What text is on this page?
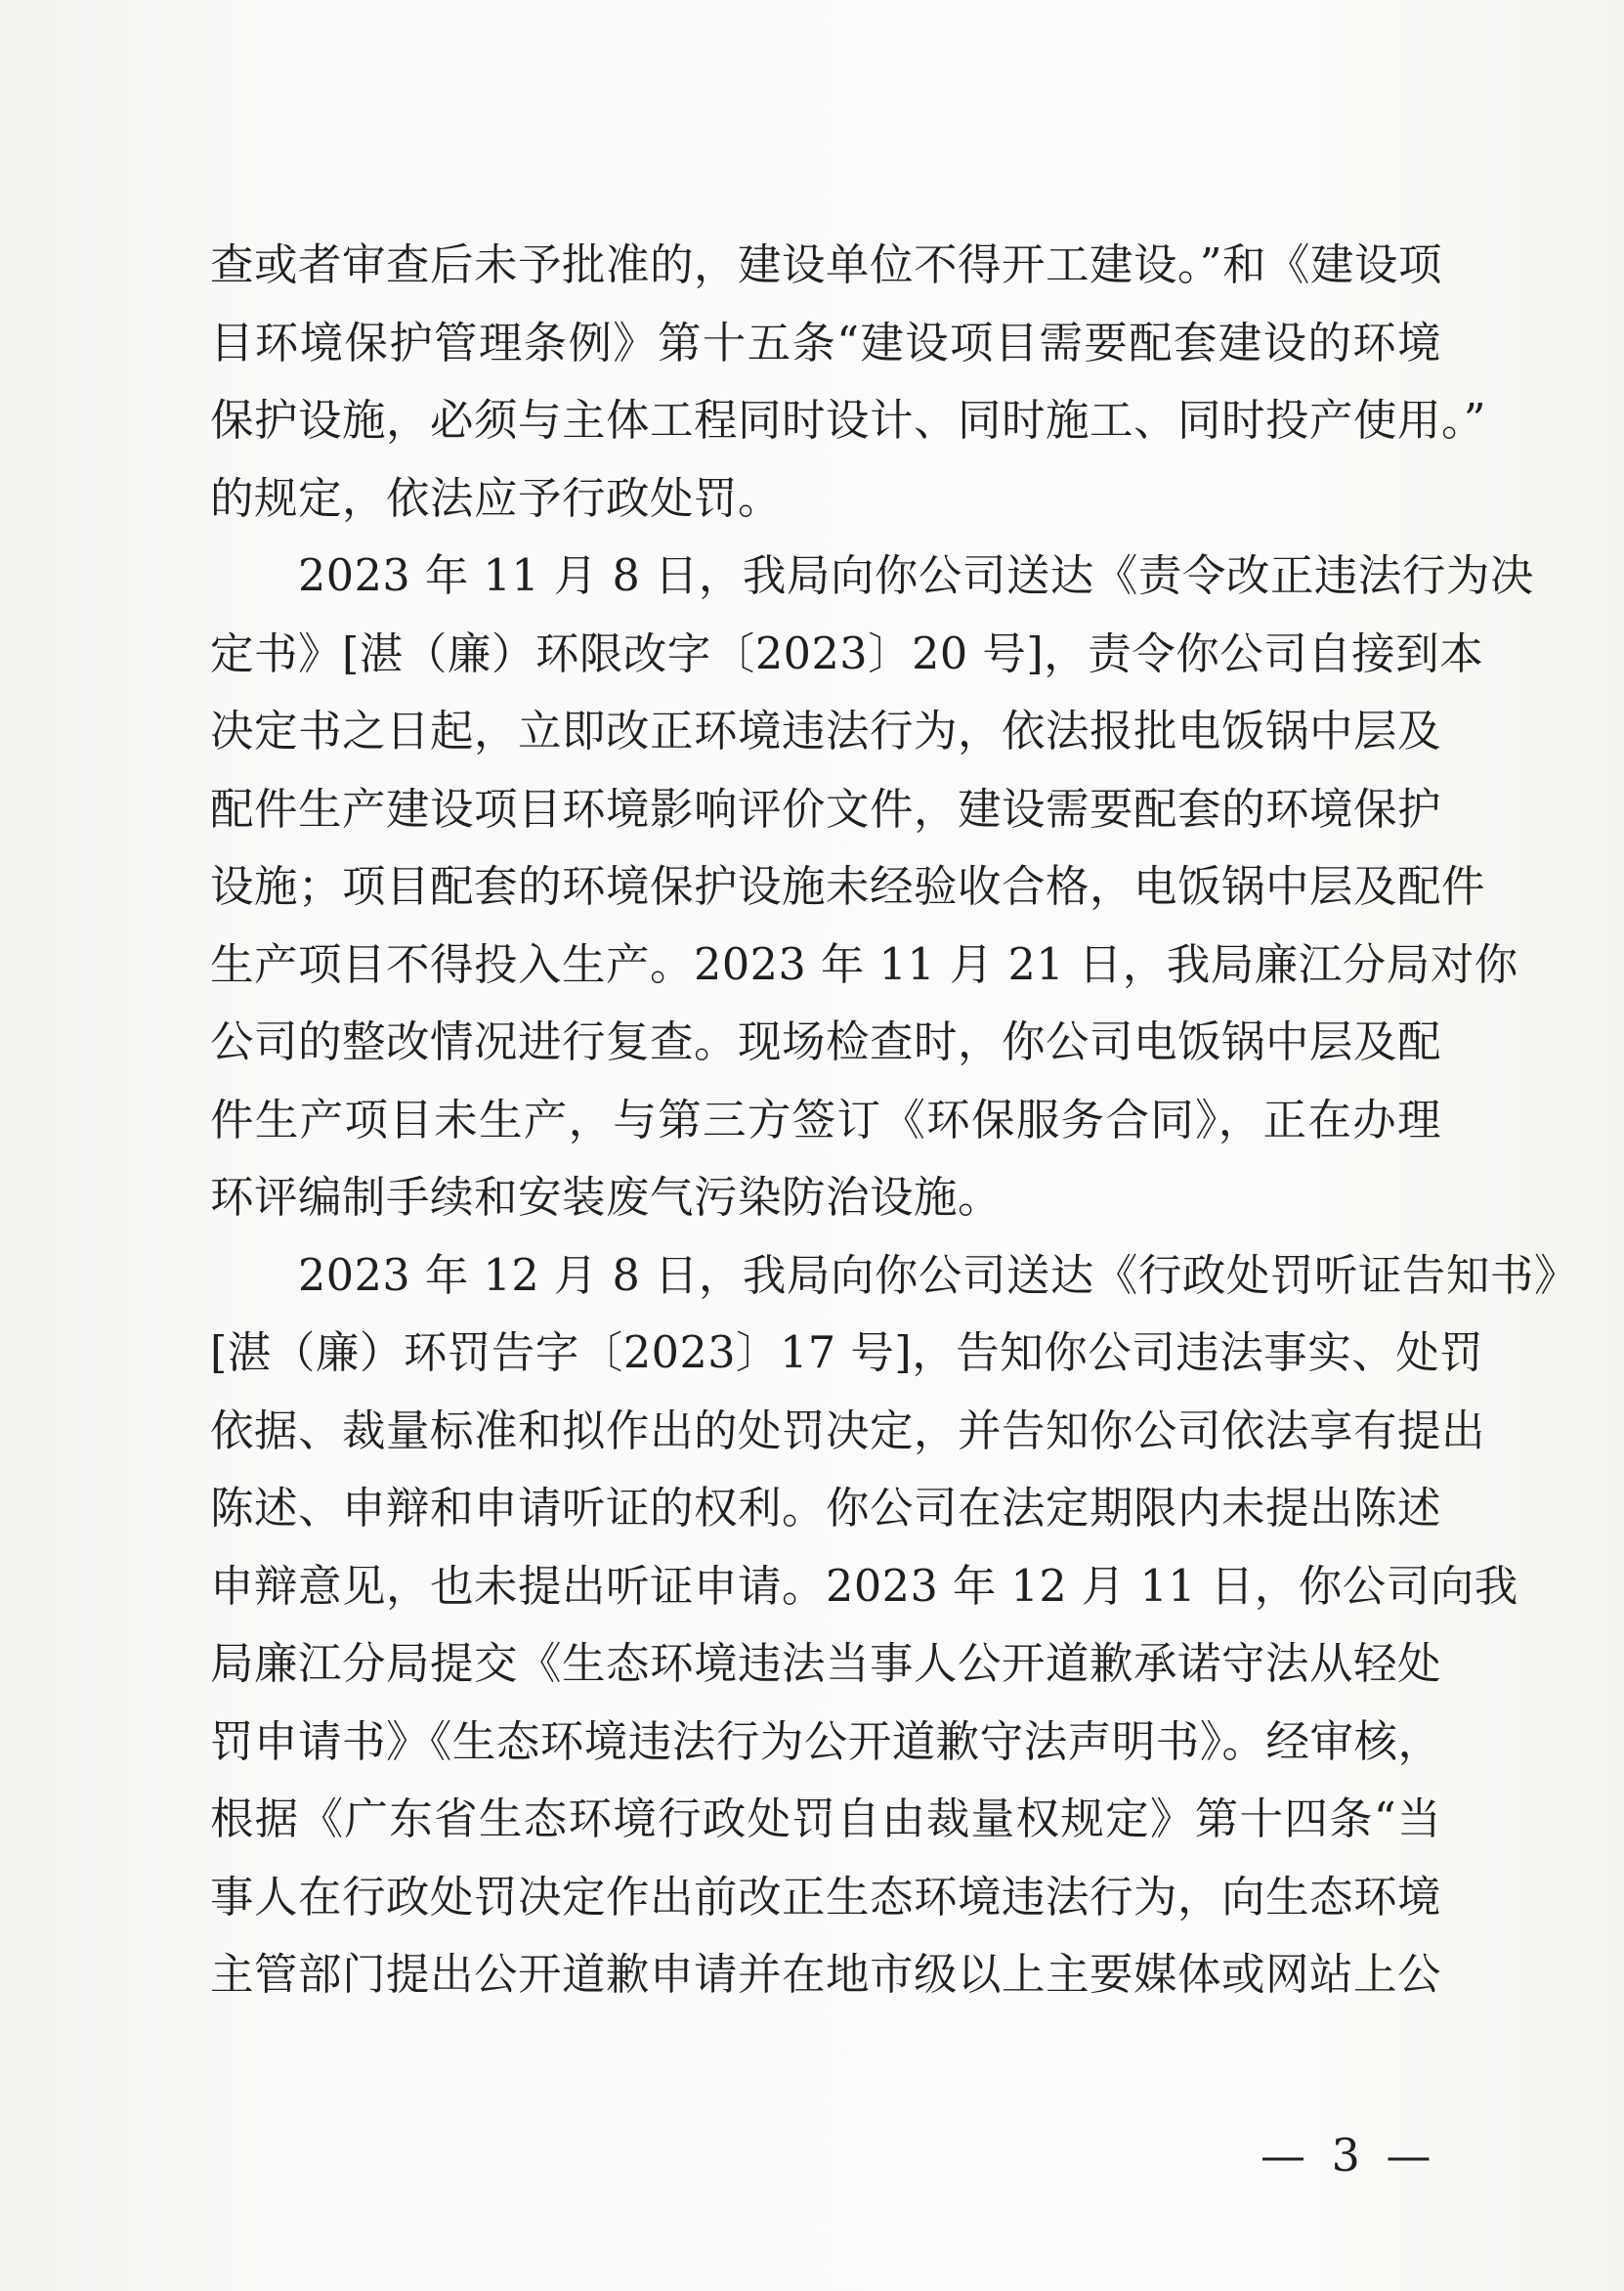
查或者审查后未予批准的，建设单位不得开工建设。”和《建设项
目环境保护管理条例》第十五条“建设项目需要配套建设的环境
保护设施，必须与主体工程同时设计、同时施工、同时投产使用。”
的规定，依法应予行政处罚。
　　2023 年 11 月 8 日，我局向你公司送达《责令改正违法行为决
定书》[湛（廉）环限改字〔2023〕20 号]，责令你公司自接到本
决定书之日起，立即改正环境违法行为，依法报批电饭锅中层及
配件生产建设项目环境影响评价文件，建设需要配套的环境保护
设施；项目配套的环境保护设施未经验收合格，电饭锅中层及配件
生产项目不得投入生产。2023 年 11 月 21 日，我局廉江分局对你
公司的整改情况进行复查。现场检查时，你公司电饭锅中层及配
件生产项目未生产，与第三方签订《环保服务合同》，正在办理
环评编制手续和安装废气污染防治设施。
　　2023 年 12 月 8 日，我局向你公司送达《行政处罚听证告知书》
[湛（廉）环罚告字〔2023〕17 号]，告知你公司违法事实、处罚
依据、裁量标准和拟作出的处罚决定，并告知你公司依法享有提出
陈述、申辩和申请听证的权利。你公司在法定期限内未提出陈述
申辩意见，也未提出听证申请。2023 年 12 月 11 日，你公司向我
局廉江分局提交《生态环境违法当事人公开道歉承诺守法从轻处
罚申请书》《生态环境违法行为公开道歉守法声明书》。经审核，
根据《广东省生态环境行政处罚自由裁量权规定》第十四条“当
事人在行政处罚决定作出前改正生态环境违法行为，向生态环境
主管部门提出公开道歉申请并在地市级以上主要媒体或网站上公
— 3 —
